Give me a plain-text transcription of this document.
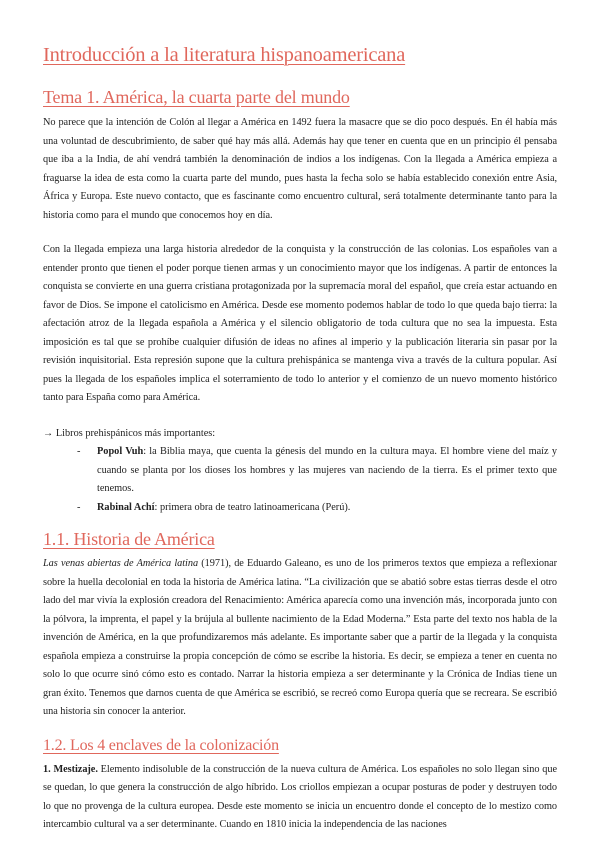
Introducción a la literatura hispanoamericana
Tema 1. América, la cuarta parte del mundo

No parece que la intención de Colón al llegar a América en 1492 fuera la masacre que se dio poco después. En él había más una voluntad de descubrimiento, de saber qué hay más allá. Además hay que tener en cuenta que en un principio él pensaba que iba a la India, de ahí vendrá también la denominación de indios a los indígenas. Con la llegada a América empieza a fraguarse la idea de esta como la cuarta parte del mundo, pues hasta la fecha solo se había establecido conexión entre Asia, África y Europa. Este nuevo contacto, que es fascinante como encuentro cultural, será totalmente determinante tanto para la historia como para el mundo que conocemos hoy en día.

Con la llegada empieza una larga historia alrededor de la conquista y la construcción de las colonias. Los españoles van a entender pronto que tienen el poder porque tienen armas y un conocimiento mayor que los indígenas. A partir de entonces la conquista se convierte en una guerra cristiana protagonizada por la supremacía moral del español, que creía estar actuando en favor de Dios. Se impone el catolicismo en América. Desde ese momento podemos hablar de todo lo que queda bajo tierra: la afectación atroz de la llegada española a América y el silencio obligatorio de toda cultura que no sea la impuesta. Esta imposición es tal que se prohíbe cualquier difusión de ideas no afines al imperio y la publicación literaria sin pasar por la revisión inquisitorial. Esta represión supone que la cultura prehispánica se mantenga viva a través de la cultura popular. Así pues la llegada de los españoles implica el soterramiento de todo lo anterior y el comienzo de un nuevo momento histórico tanto para España como para América.

→ Libros prehispánicos más importantes:
- Popol Vuh: la Biblia maya, que cuenta la génesis del mundo en la cultura maya. El hombre viene del maíz y cuando se planta por los dioses los hombres y las mujeres van naciendo de la tierra. Es el primer texto que tenemos.
- Rabinal Achí: primera obra de teatro latinoamericana (Perú).
1.1. Historia de América

Las venas abiertas de América latina (1971), de Eduardo Galeano, es uno de los primeros textos que empieza a reflexionar sobre la huella decolonial en toda la historia de América latina. “La civilización que se abatió sobre estas tierras desde el otro lado del mar vivía la explosión creadora del Renacimiento: América aparecía como una invención más, incorporada junto con la pólvora, la imprenta, el papel y la brújula al bullente nacimiento de la Edad Moderna.” Esta parte del texto nos habla de la invención de América, en la que profundizaremos más adelante. Es importante saber que a partir de la llegada y la conquista española empieza a construirse la propia concepción de cómo se escribe la historia. Es decir, se empieza a tener en cuenta no solo lo que ocurre sinó cómo esto es contado. Narrar la historia empieza a ser determinante y la Crónica de Indias tiene un gran éxito. Tenemos que darnos cuenta de que América se escribió, se recreó como Europa quería que se recreara. Se escribió una historia sin conocer la anterior.

1.2. Los 4 enclaves de la colonización

1. Mestizaje. Elemento indisoluble de la construcción de la nueva cultura de América. Los españoles no solo llegan sino que se quedan, lo que genera la construcción de algo híbrido. Los criollos empiezan a ocupar posturas de poder y destruyen todo lo que no provenga de la cultura europea. Desde este momento se inicia un encuentro donde el concepto de lo mestizo como intercambio cultural va a ser determinante. Cuando en 1810 inicia la independencia de las naciones
